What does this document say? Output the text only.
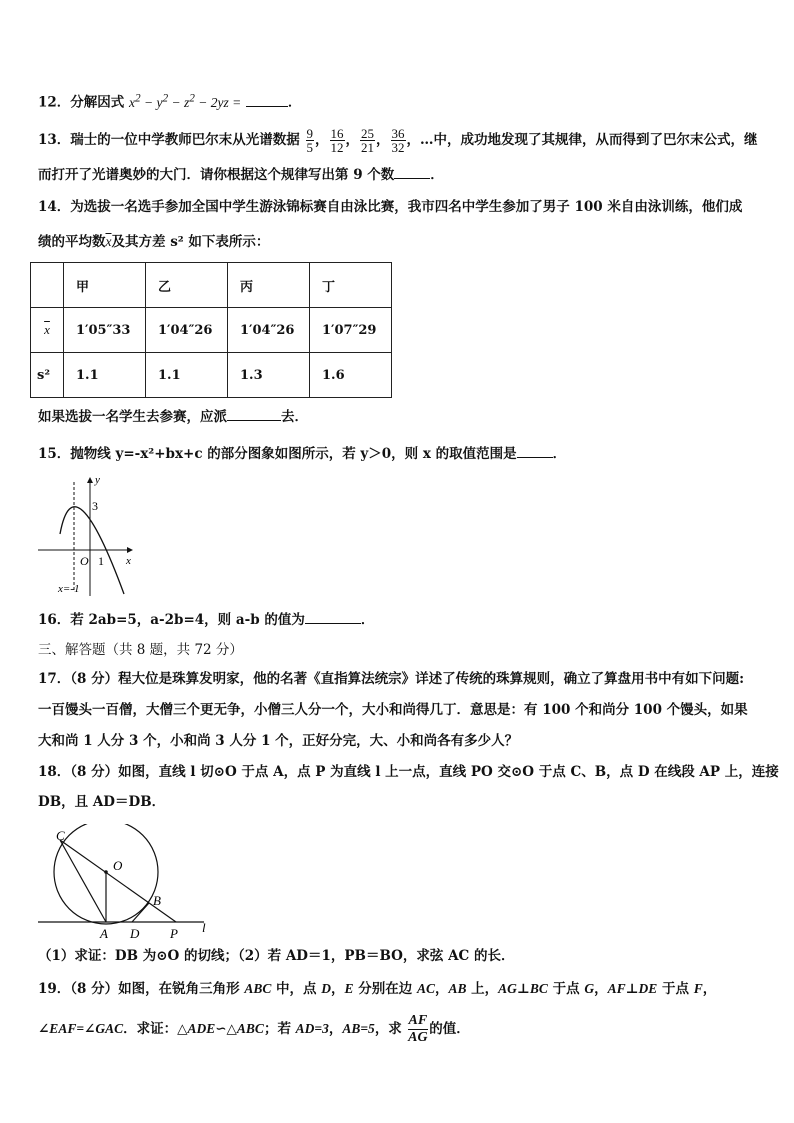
12．分解因式 $x^2 - y^2 - z^2 - 2yz$ =	．
13．瑞士的一位中学教师巴尔末从光谱数据 $\frac{9}{5}$ ， $\frac{16}{12}$ ， $\frac{25}{21}$ ， $\frac{36}{32}$ ，…中，成功地发现了其规律，从而得到了巴尔末公式，继
而打开了光谱奥妙的大门．请你根据这个规律写出第 9 个数	．
14．为选拔一名选手参加全国中学生游泳锦标赛自由泳比赛，我市四名中学生参加了男子 100 米自由泳训练，他们成
绩的平均数$\overline{x}$及其方差 s² 如下表所示：
	甲	乙	丙	丁
$\overline{x}$	1′05″33	1′04″26	1′04″26	1′07″29
s²	1.1	1.1	1.3	1.6
如果选拔一名学生去参赛，应派	去．
15．抛物线 y=-x²+bx+c 的部分图象如图所示，若 y＞0，则 x 的取值范围是	．
y
x
O 1
3
x=-1
16．若 2ab=5，a-2b=4，则 a-b 的值为	．
三、解答题（共 8 题，共 72 分）
17．（8 分）程大位是珠算发明家，他的名著《直指算法统宗》详述了传统的珠算规则，确立了算盘用书中有如下问题:
一百馒头一百僧，大僧三个更无争，小僧三人分一个，大小和尚得几丁．意思是：有 100 个和尚分 100 个馒头，如果
大和尚 1 人分 3 个，小和尚 3 人分 1 个，正好分完，大、小和尚各有多少人？
18．（8 分）如图，直线 l 切⊙O 于点 A，点 P 为直线 l 上一点，直线 PO 交⊙O 于点 C、B，点 D 在线段 AP 上，连接
DB，且 AD＝DB．
C
O
B
A D P l
（1）求证：DB 为⊙O 的切线；（2）若 AD＝1，PB＝BO，求弦 AC 的长．
19．（8 分）如图，在锐角三角形 ABC 中，点 D，E 分别在边 AC，AB 上，AG⊥BC 于点 G，AF⊥DE 于点 F，
∠EAF=∠GAC．求证：△ADE∽△ABC；若 AD=3，AB=5，求 $\frac{AF}{AG}$ 的值．
